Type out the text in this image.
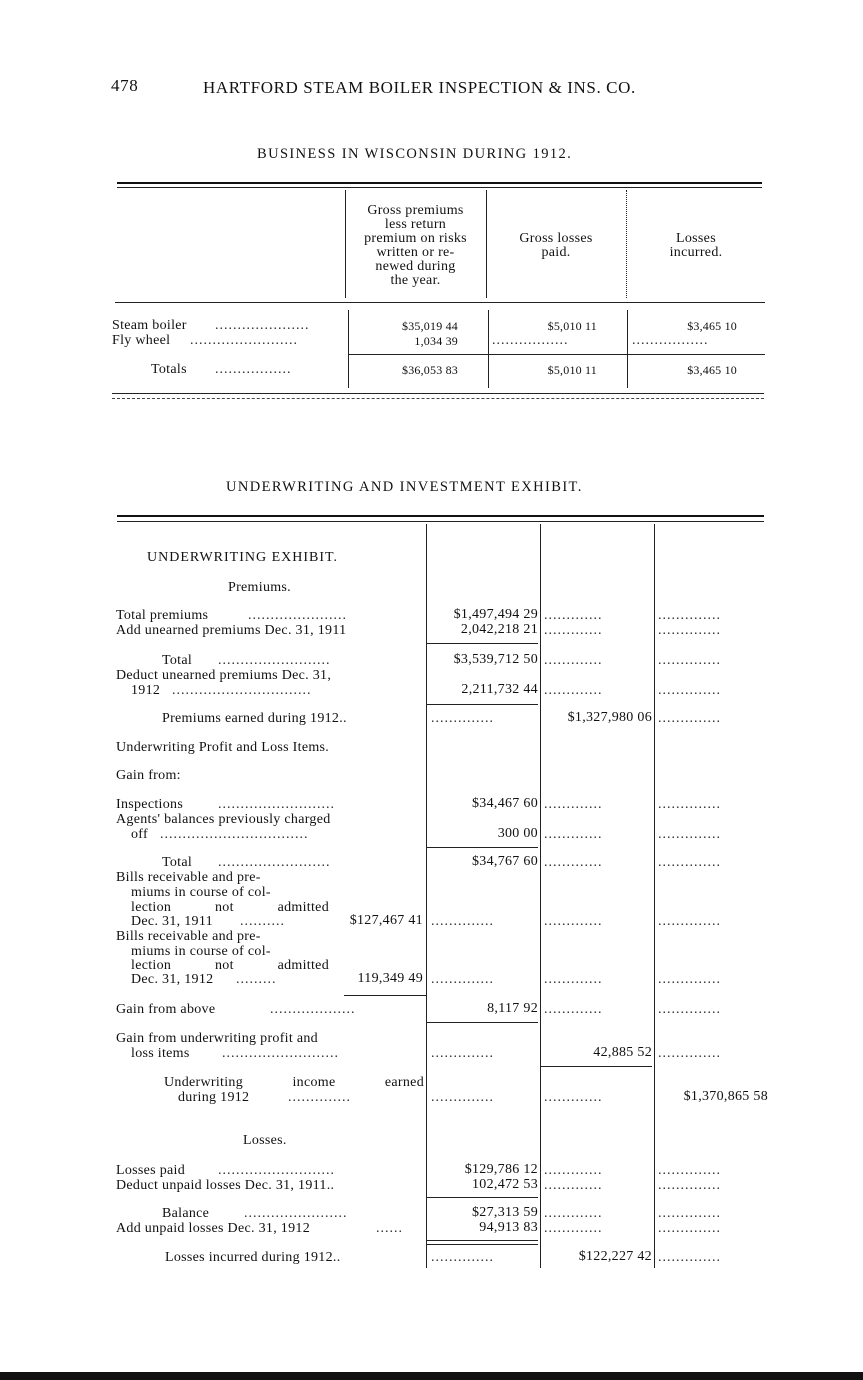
478	HARTFORD STEAM BOILER INSPECTION & INS. CO.
BUSINESS IN WISCONSIN DURING 1912.
Gross premiums
less return
premium on risks
written or re-
newed during
the year.
Gross losses
paid.
Losses
incurred.
Steam boiler .....................	$35,019 44	$5,010 11	$3,465 10
Fly wheel ........................	1,034 39 .................	.................
Totals .................	$36,053 83	$5,010 11	$3,465 10
UNDERWRITING AND INVESTMENT EXHIBIT.
UNDERWRITING EXHIBIT.
Premiums.
Total premiums	......................	$1,497,494 29 .............	..............
Add unearned premiums Dec. 31, 1911	2,042,218 21 .............	..............
Total .........................	$3,539,712 50 .............	..............
Deduct unearned premiums Dec. 31,
1912 ...............................	2,211,732 44 .............	..............
Premiums earned during 1912..	..............	$1,327,980 06 ..............
Underwriting Profit and Loss Items.
Gain from:
Inspections ..........................	$34,467 60 .............	..............
Agents' balances previously charged
off .................................	300 00 .............	..............
Total .........................	$34,767 60 .............	..............
Bills receivable and pre-
miums in course of col-
lection not admitted
Dec. 31, 1911 ..........	$127,467 41 ..............	.............	..............
Bills receivable and pre-
miums in course of col-
lection not admitted
Dec. 31, 1912 .........	119,349 49 ..............	.............	..............
Gain from above	...................	8,117 92 .............	..............
Gain from underwriting profit and
loss items ..........................	..............	42,885 52 ..............
Underwriting income earned
during 1912	..............	..............	.............	$1,370,865 58
Losses.
Losses paid ..........................	$129,786 12 .............	..............
Deduct unpaid losses Dec. 31, 1911..	102,472 53 .............	..............
Balance .......................	$27,313 59 .............	..............
Add unpaid losses Dec. 31, 1912	......	94,913 83 .............	..............
Losses incurred during 1912..	..............	$122,227 42 ..............
